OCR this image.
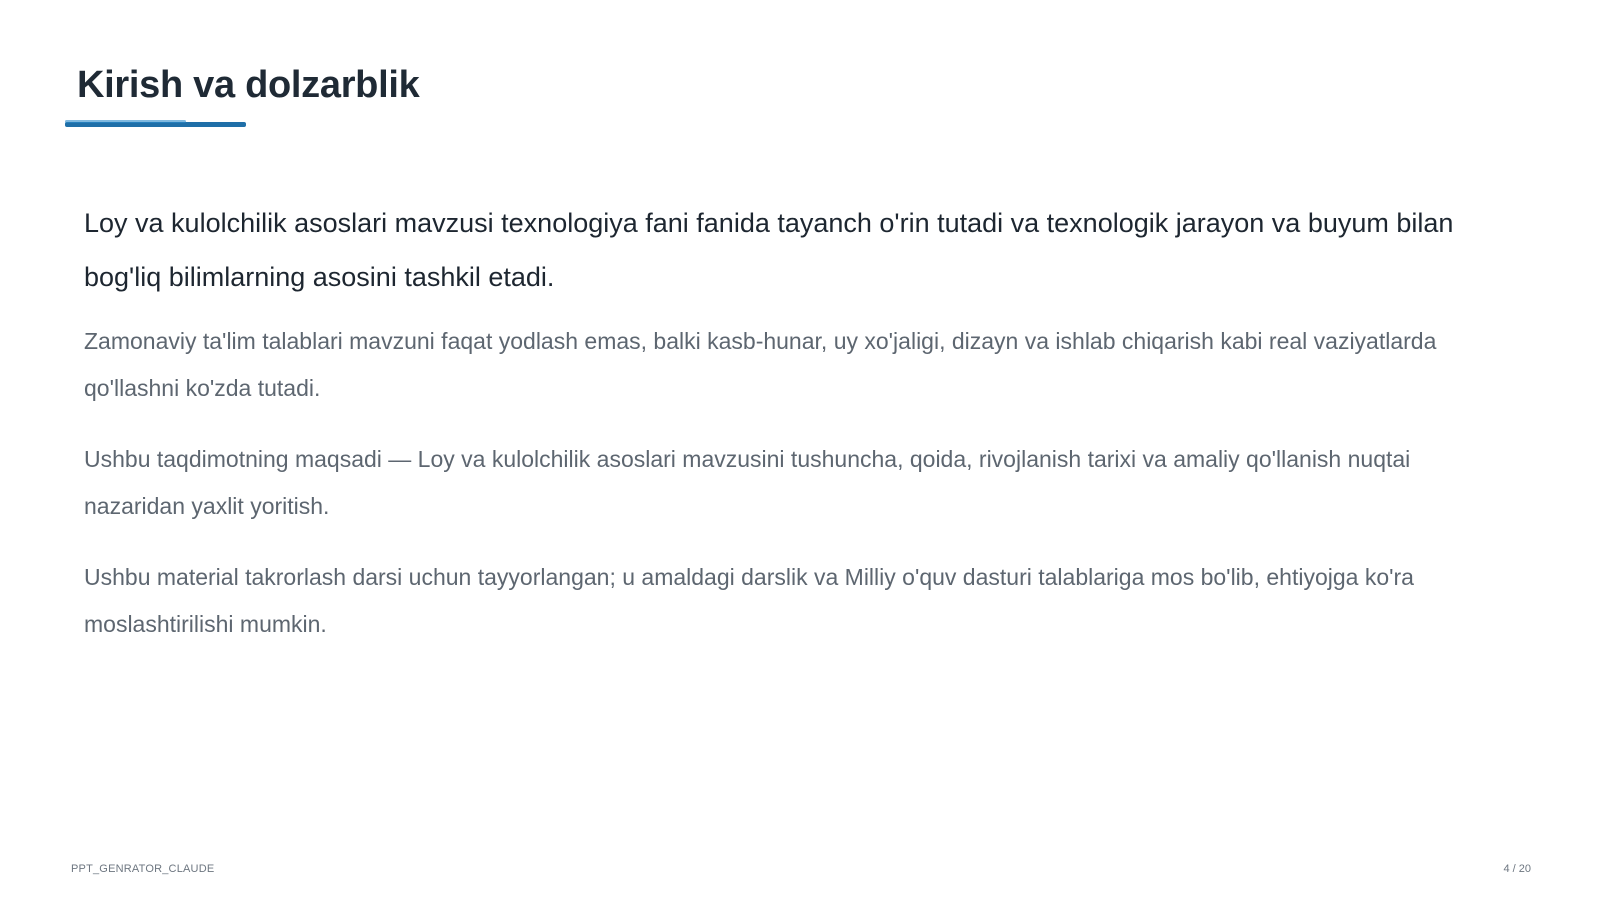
Kirish va dolzarblik

Loy va kulolchilik asoslari mavzusi texnologiya fani fanida tayanch o'rin tutadi va texnologik jarayon va buyum bilan bog'liq bilimlarning asosini tashkil etadi.

Zamonaviy ta'lim talablari mavzuni faqat yodlash emas, balki kasb-hunar, uy xo'jaligi, dizayn va ishlab chiqarish kabi real vaziyatlarda qo'llashni ko'zda tutadi.

Ushbu taqdimotning maqsadi — Loy va kulolchilik asoslari mavzusini tushuncha, qoida, rivojlanish tarixi va amaliy qo'llanish nuqtai nazaridan yaxlit yoritish.

Ushbu material takrorlash darsi uchun tayyorlangan; u amaldagi darslik va Milliy o'quv dasturi talablariga mos bo'lib, ehtiyojga ko'ra moslashtirilishi mumkin.

PPT_GENRATOR_CLAUDE	4 / 20
